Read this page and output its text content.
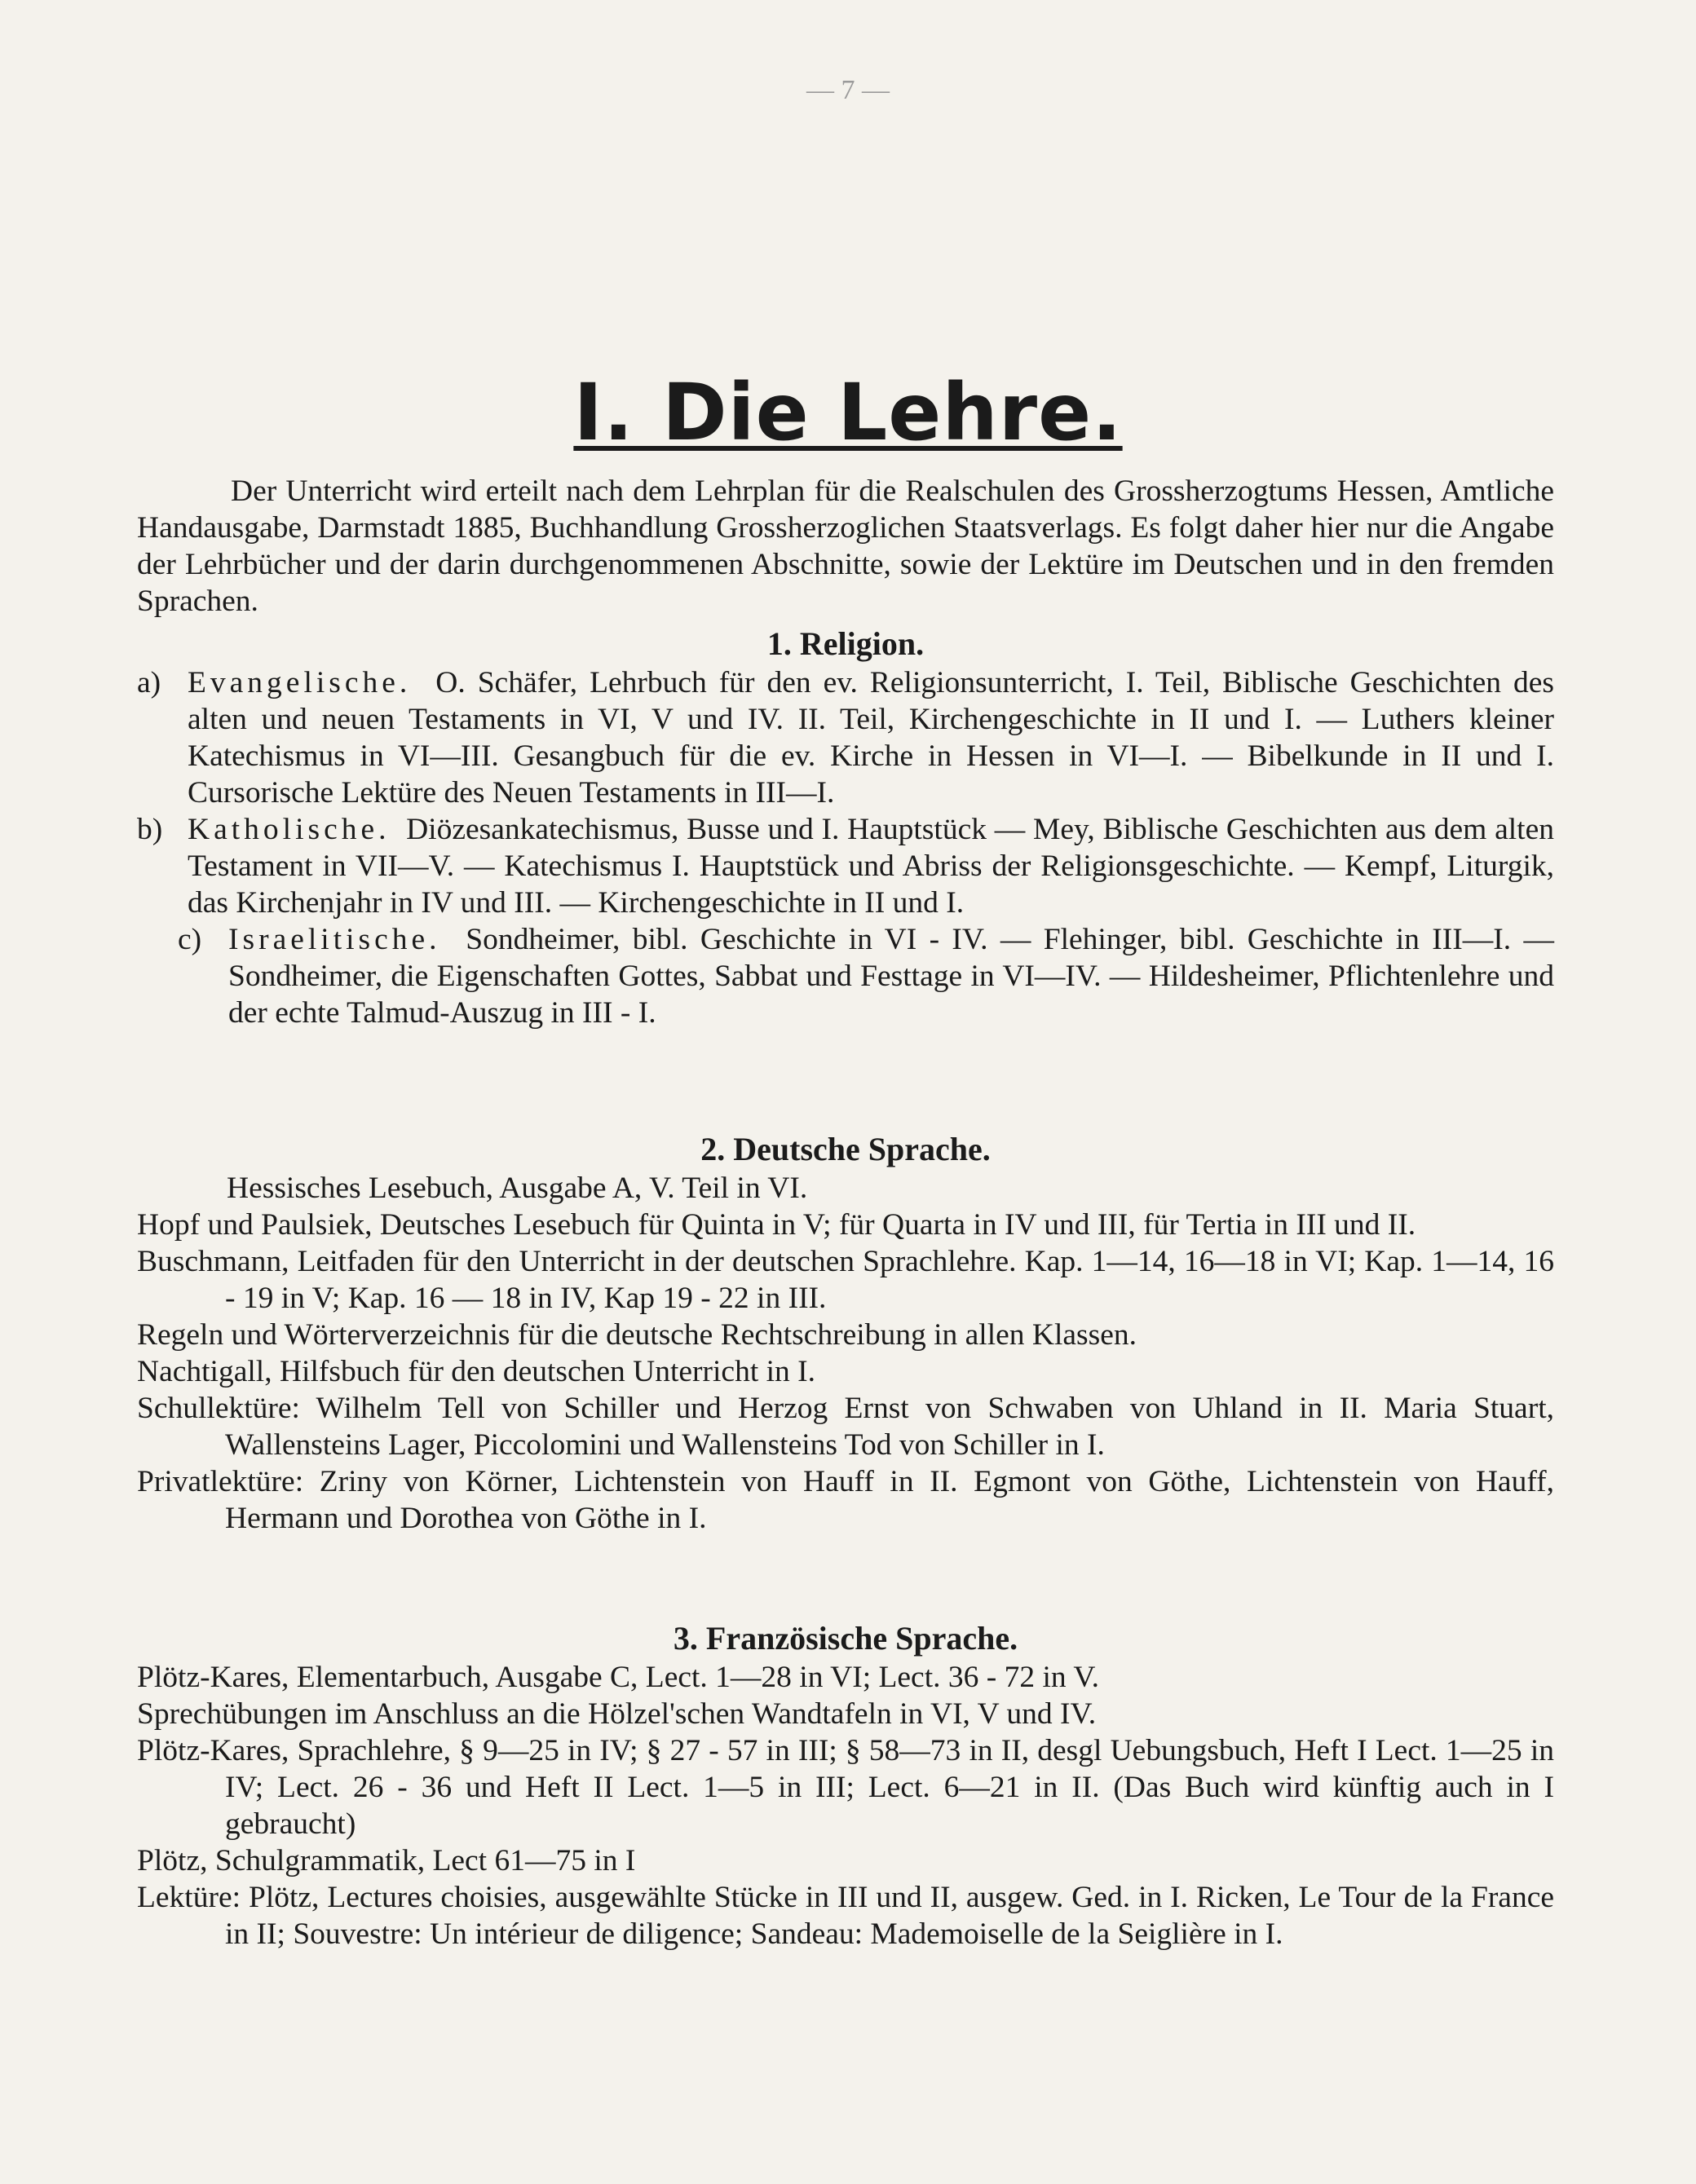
— 7 —
I. Die Lehre.

Der Unterricht wird erteilt nach dem Lehrplan für die Realschulen des Grossherzogtums Hessen, Amtliche Handausgabe, Darmstadt 1885, Buchhandlung Grossherzoglichen Staatsverlags. Es folgt daher hier nur die Angabe der Lehrbücher und der darin durchgenommenen Abschnitte, sowie der Lektüre im Deutschen und in den fremden Sprachen.

1. Religion.
a) Evangelische. O. Schäfer, Lehrbuch für den ev. Religionsunterricht, I. Teil, Biblische Geschichten des alten und neuen Testaments in VI, V und IV. II. Teil, Kirchengeschichte in II und I. — Luthers kleiner Katechismus in VI—III. Gesangbuch für die ev. Kirche in Hessen in VI—I. — Bibelkunde in II und I. Cursorische Lektüre des Neuen Testaments in III—I.
b) Katholische. Diözesankatechismus, Busse und I. Hauptstück — Mey, Biblische Geschichten aus dem alten Testament in VII—V. — Katechismus I. Hauptstück und Abriss der Religionsgeschichte. — Kempf, Liturgik, das Kirchenjahr in IV und III. — Kirchengeschichte in II und I.
c) Israelitische. Sondheimer, bibl. Geschichte in VI - IV. — Flehinger, bibl. Geschichte in III—I. — Sondheimer, die Eigenschaften Gottes, Sabbat und Festtage in VI—IV. — Hildesheimer, Pflichtenlehre und der echte Talmud-Auszug in III - I.
2. Deutsche Sprache.
Hessisches Lesebuch, Ausgabe A, V. Teil in VI.
Hopf und Paulsiek, Deutsches Lesebuch für Quinta in V; für Quarta in IV und III, für Tertia in III und II.
Buschmann, Leitfaden für den Unterricht in der deutschen Sprachlehre. Kap. 1—14, 16—18 in VI; Kap. 1—14, 16 - 19 in V; Kap. 16 — 18 in IV, Kap 19 - 22 in III.
Regeln und Wörterverzeichnis für die deutsche Rechtschreibung in allen Klassen.
Nachtigall, Hilfsbuch für den deutschen Unterricht in I.
Schullektüre: Wilhelm Tell von Schiller und Herzog Ernst von Schwaben von Uhland in II. Maria Stuart, Wallensteins Lager, Piccolomini und Wallensteins Tod von Schiller in I.
Privatlektüre: Zriny von Körner, Lichtenstein von Hauff in II. Egmont von Göthe, Lichtenstein von Hauff, Hermann und Dorothea von Göthe in I.
3. Französische Sprache.
Plötz-Kares, Elementarbuch, Ausgabe C, Lect. 1—28 in VI; Lect. 36 - 72 in V.
Sprechübungen im Anschluss an die Hölzel'schen Wandtafeln in VI, V und IV.
Plötz-Kares, Sprachlehre, § 9—25 in IV; § 27 - 57 in III; § 58—73 in II, desgl Uebungsbuch, Heft I Lect. 1—25 in IV; Lect. 26 - 36 und Heft II Lect. 1—5 in III; Lect. 6—21 in II. (Das Buch wird künftig auch in I gebraucht)
Plötz, Schulgrammatik, Lect 61—75 in I
Lektüre: Plötz, Lectures choisies, ausgewählte Stücke in III und II, ausgew. Ged. in I. Ricken, Le Tour de la France in II; Souvestre: Un intérieur de diligence; Sandeau: Mademoiselle de la Seiglière in I.
